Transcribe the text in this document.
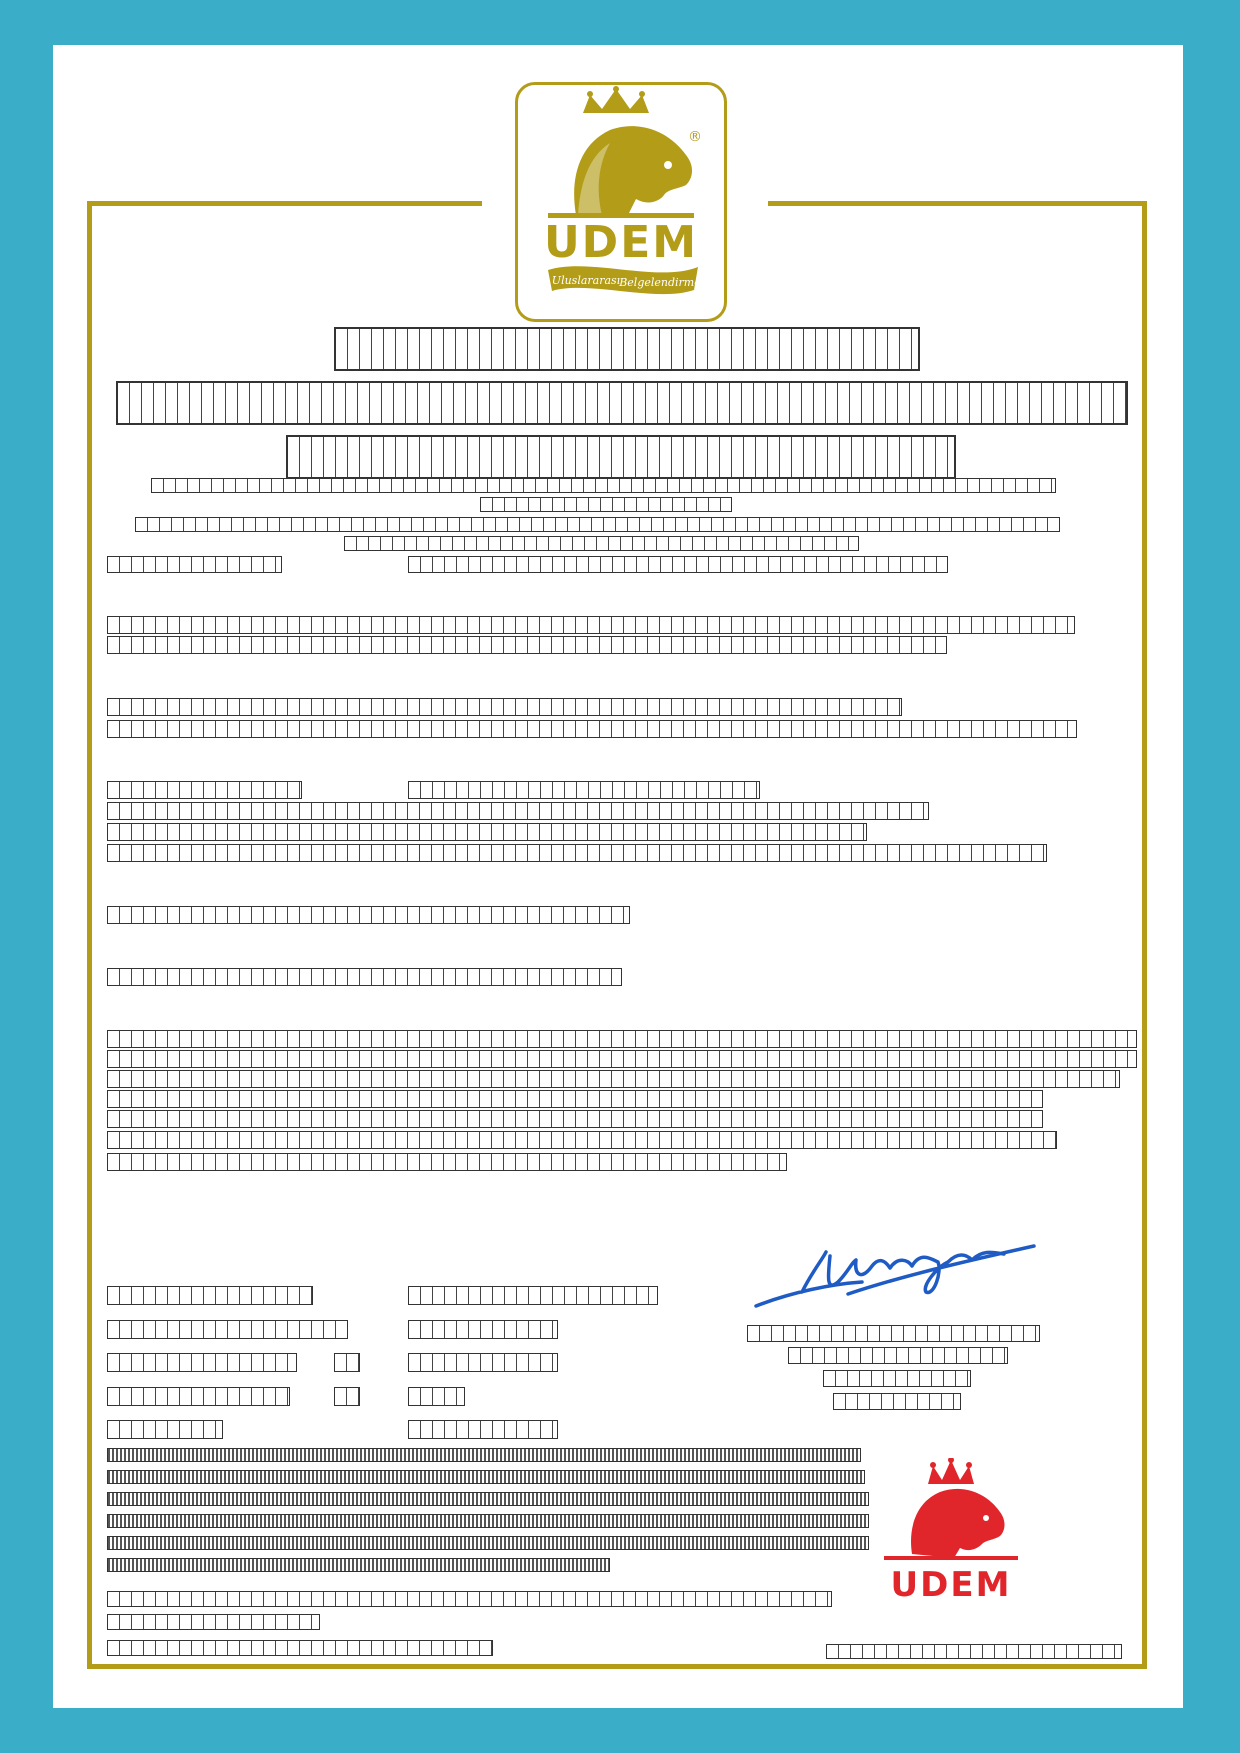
®
UDEM
Uluslararası Belgelendirme
UDEM
